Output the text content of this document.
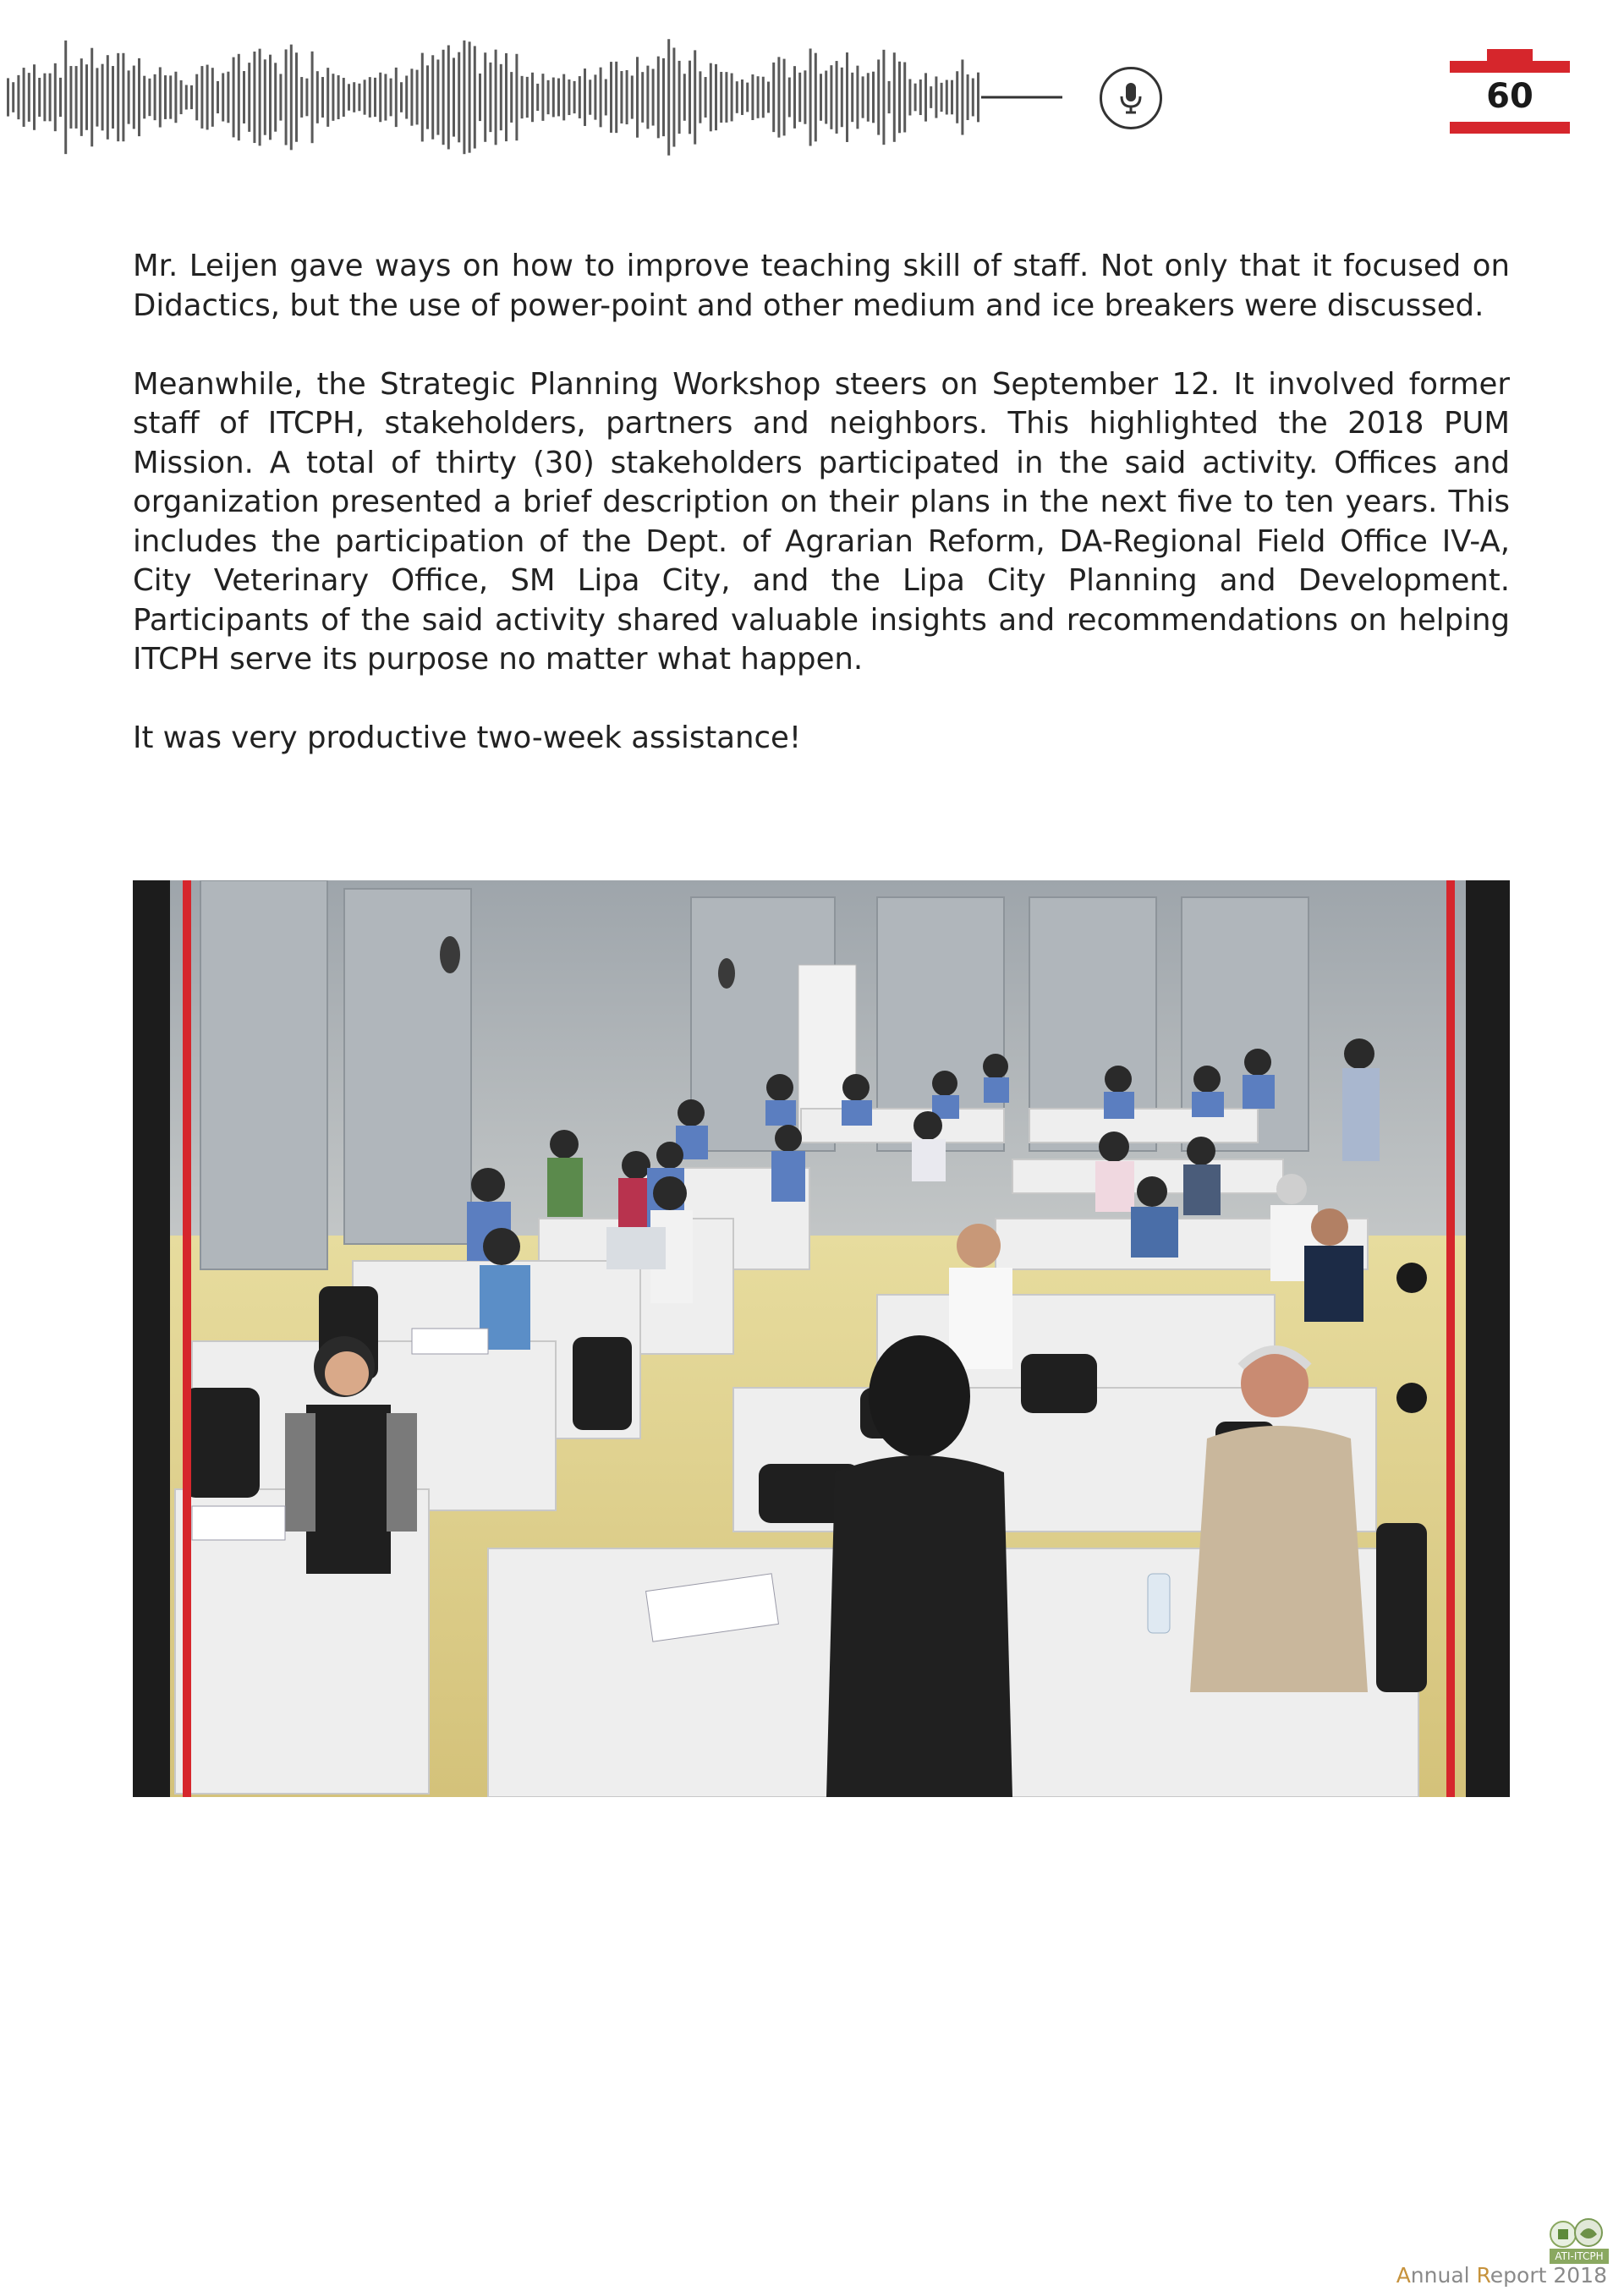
60

Mr. Leijen gave ways on how to improve teaching skill of staff. Not only that it focused on Didactics, but the use of power-point and other medium and ice breakers were discussed.

Meanwhile, the Strategic Planning Workshop steers on September 12. It involved former staff of ITCPH, stakeholders, partners and neighbors. This highlighted the 2018 PUM Mission. A total of thirty (30) stakeholders participated in the said activity. Offices and organization presented a brief description on their plans in the next five to ten years. This includes the participation of the Dept. of Agrarian Reform, DA-Regional Field Office IV-A, City Veterinary Office, SM Lipa City, and the Lipa City Planning and Development. Participants of the said activity shared valuable insights and recommendations on helping ITCPH serve its purpose no matter what happen.

It was very productive two-week assistance!

ATI-ITCPH
Annual Report 2018
